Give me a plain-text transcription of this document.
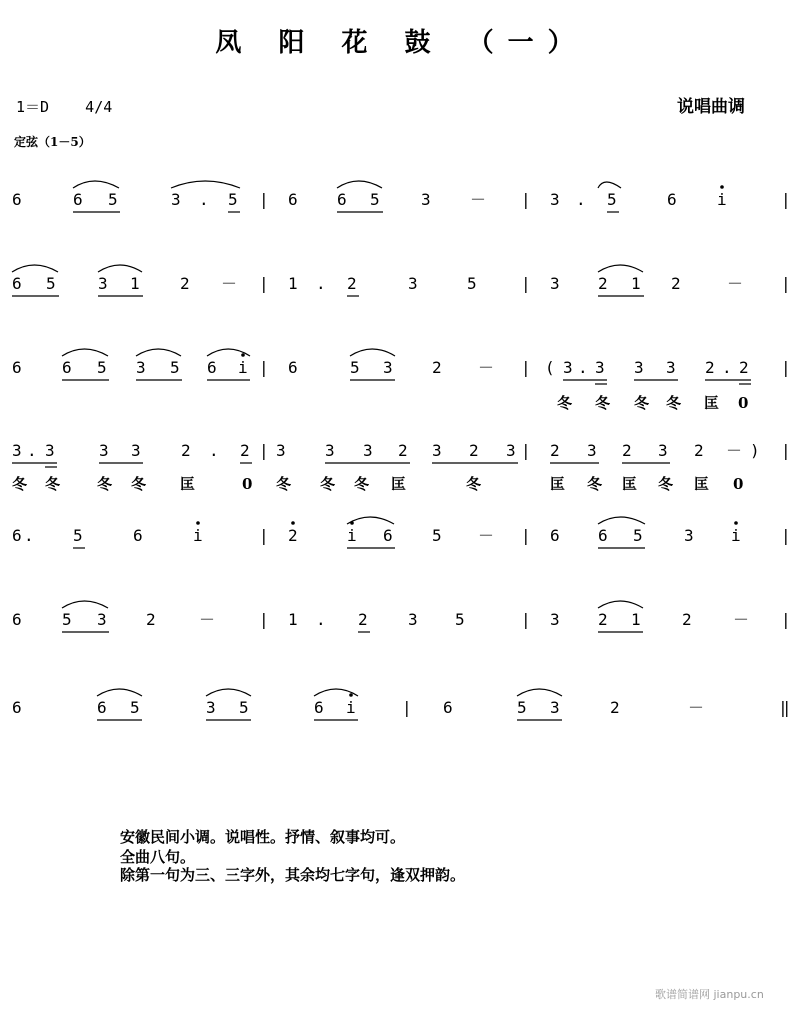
凤 阳 花 鼓 （一）
1＝D    4/4	说唱曲调
定弦（1－5）
6	6 5	3 . 5 | 6 6 5	3 － | 3 . 5	6	i	|
6 5	3 1	2 － | 1 . 2	3	5	| 3 2 1 2	－ |
6	6 5 3 5 6 i | 6	5 3 2 － | ( 3 . 3 3 3 2 . 2 |
冬 冬 冬 冬 匡 0
3 . 3	3 3	2 . 2 | 3 3 3 2 3 2 3 | 2 3 2 3 2 － ) |
冬 冬 冬 冬 匡	0 冬 冬 冬 匡	冬	匡 冬 匡 冬 匡 0
6 . 5	6	i	| 2	i 6 5 － | 6 6 5	3 i	|
6	5 3 2	－	| 1 . 2	3 5	| 3 2 1	2	－ |
6	6 5	3 5	6 i	| 6	5 3	2	－	‖
安徽民间小调。说唱性。抒情、叙事均可。
全曲八句。
除第一句为三、三字外，其余均七字句，逢双押韵。
歌谱简谱网 jianpu.cn
